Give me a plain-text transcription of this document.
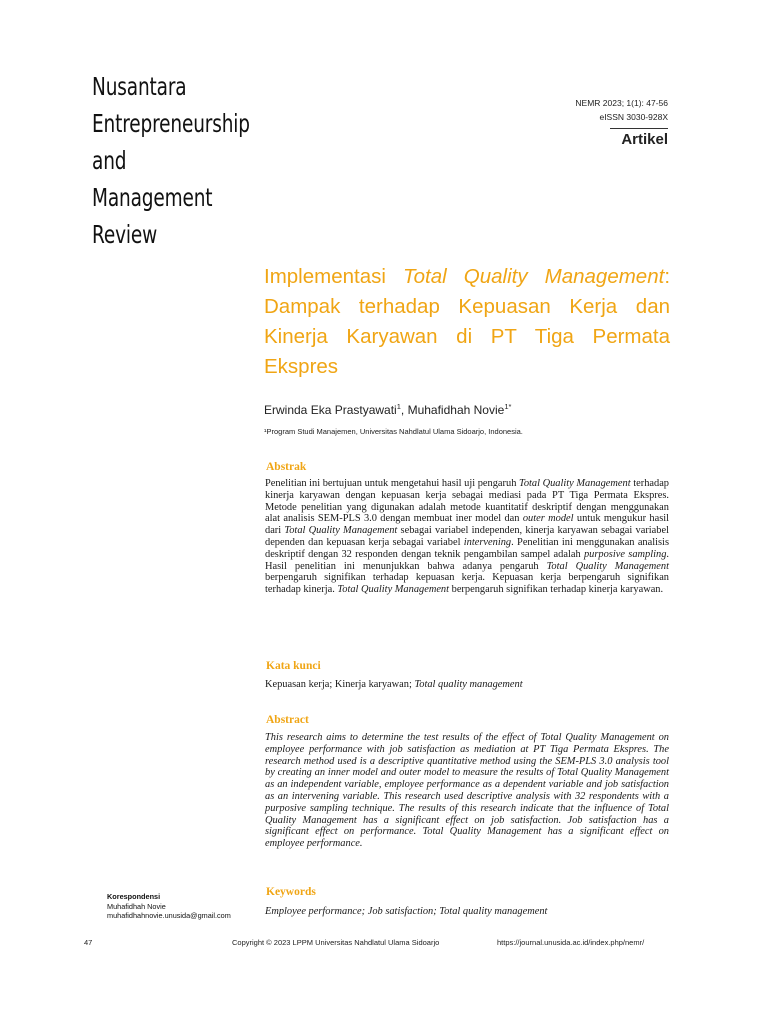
Nusantara
Entrepreneurship
and
Management
Review
NEMR 2023; 1(1): 47-56
eISSN 3030-928X
Artikel
Implementasi Total Quality Management: Dampak terhadap Kepuasan Kerja dan Kinerja Karyawan di PT Tiga Permata Ekspres
Erwinda Eka Prastyawati$^1$, Muhafidhah Novie$^{1*}$
¹Program Studi Manajemen, Universitas Nahdlatul Ulama Sidoarjo, Indonesia.
Abstrak
Penelitian ini bertujuan untuk mengetahui hasil uji pengaruh Total Quality Management terhadap kinerja karyawan dengan kepuasan kerja sebagai mediasi pada PT Tiga Permata Ekspres. Metode penelitian yang digunakan adalah metode kuantitatif deskriptif dengan menggunakan alat analisis SEM-PLS 3.0 dengan membuat iner model dan outer model untuk mengukur hasil dari Total Quality Management sebagai variabel independen, kinerja karyawan sebagai variabel dependen dan kepuasan kerja sebagai variabel intervening. Penelitian ini menggunakan analisis deskriptif dengan 32 responden dengan teknik pengambilan sampel adalah purposive sampling. Hasil penelitian ini menunjukkan bahwa adanya pengaruh Total Quality Management berpengaruh signifikan terhadap kepuasan kerja. Kepuasan kerja berpengaruh signifikan terhadap kinerja. Total Quality Management berpengaruh signifikan terhadap kinerja karyawan.
Kata kunci
Kepuasan kerja; Kinerja karyawan; Total quality management
Abstract
This research aims to determine the test results of the effect of Total Quality Management on employee performance with job satisfaction as mediation at PT Tiga Permata Ekspres. The research method used is a descriptive quantitative method using the SEM-PLS 3.0 analysis tool by creating an inner model and outer model to measure the results of Total Quality Management as an independent variable, employee performance as a dependent variable and job satisfaction as an intervening variable. This research used descriptive analysis with 32 respondents with a purposive sampling technique. The results of this research indicate that the influence of Total Quality Management has a significant effect on job satisfaction. Job satisfaction has a significant effect on performance. Total Quality Management has a significant effect on employee performance.
Keywords
Employee performance; Job satisfaction; Total quality management
Korespondensi
Muhafidhah Novie
muhafidhahnovie.unusida@gmail.com
47	Copyright © 2023 LPPM Universitas Nahdlatul Ulama Sidoarjo	https://journal.unusida.ac.id/index.php/nemr/
